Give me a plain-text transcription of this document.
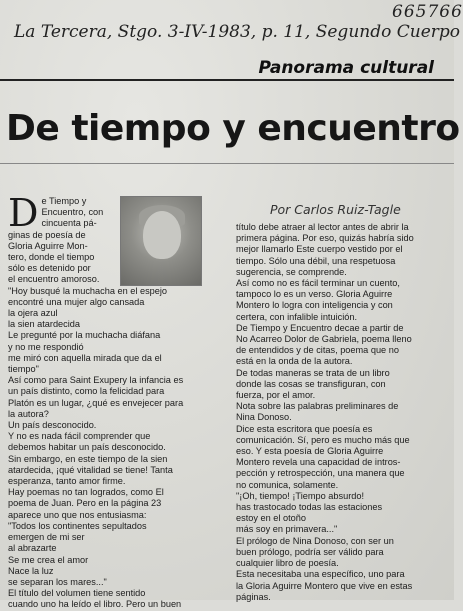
665766
La Tercera, Stgo. 3-IV-1983, p. 11, Segundo Cuerpo
Panorama cultural
De tiempo y encuentro
Por Carlos Ruiz-Tagle
D e Tiempo y
Encuentro, con
cincuenta pá-
ginas de poesía de
Gloria Aguirre Mon-
tero, donde el tiempo
sólo es detenido por
el encuentro amoroso.
"Hoy busqué la muchacha en el espejo
encontré una mujer algo cansada
la ojera azul
la sien atardecida
Le pregunté por la muchacha diáfana
y no me respondió
me miró con aquella mirada que da el
tiempo"
Así como para Saint Exupery la infancia es
un país distinto, como la felicidad para
Platón es un lugar, ¿qué es envejecer para
la autora?
Un país desconocido.
Y no es nada fácil comprender que
debemos habitar un país desconocido.
Sin embargo, en este tiempo de la sien
atardecida, ¡qué vitalidad se tiene! Tanta
esperanza, tanto amor firme.
Hay poemas no tan logrados, como El
poema de Juan. Pero en la página 23
aparece uno que nos entusiasma:
"Todos los continentes sepultados
emergen de mi ser
al abrazarte
Se me crea el amor
Nace la luz
se separan los mares..."
El título del volumen tiene sentido
cuando uno ha leído el libro. Pero un buen
título debe atraer al lector antes de abrir la
primera página. Por eso, quizás habría sido
mejor llamarlo Este cuerpo vestido por el
tiempo. Sólo una débil, una respetuosa
sugerencia, se comprende.
Así como no es fácil terminar un cuento,
tampoco lo es un verso. Gloria Aguirre
Montero lo logra con inteligencia y con
certera, con infalible intuición.
De Tiempo y Encuentro decae a partir de
No Acarreo Dolor de Gabriela, poema lleno
de entendidos y de citas, poema que no
está en la onda de la autora.
De todas maneras se trata de un libro
donde las cosas se transfiguran, con
fuerza, por el amor.
Nota sobre las palabras preliminares de
Nina Donoso.
Dice esta escritora que poesía es
comunicación. Sí, pero es mucho más que
eso. Y esta poesía de Gloria Aguirre
Montero revela una capacidad de intros-
pección y retrospección, una manera que
no comunica, solamente.
"¡Oh, tiempo! ¡Tiempo absurdo!
has trastocado todas las estaciones
estoy en el otoño
más soy en primavera..."
El prólogo de Nina Donoso, con ser un
buen prólogo, podría ser válido para
cualquier libro de poesía.
Esta necesitaba una específico, uno para
la Gloria Aguirre Montero que vive en estas
páginas.
